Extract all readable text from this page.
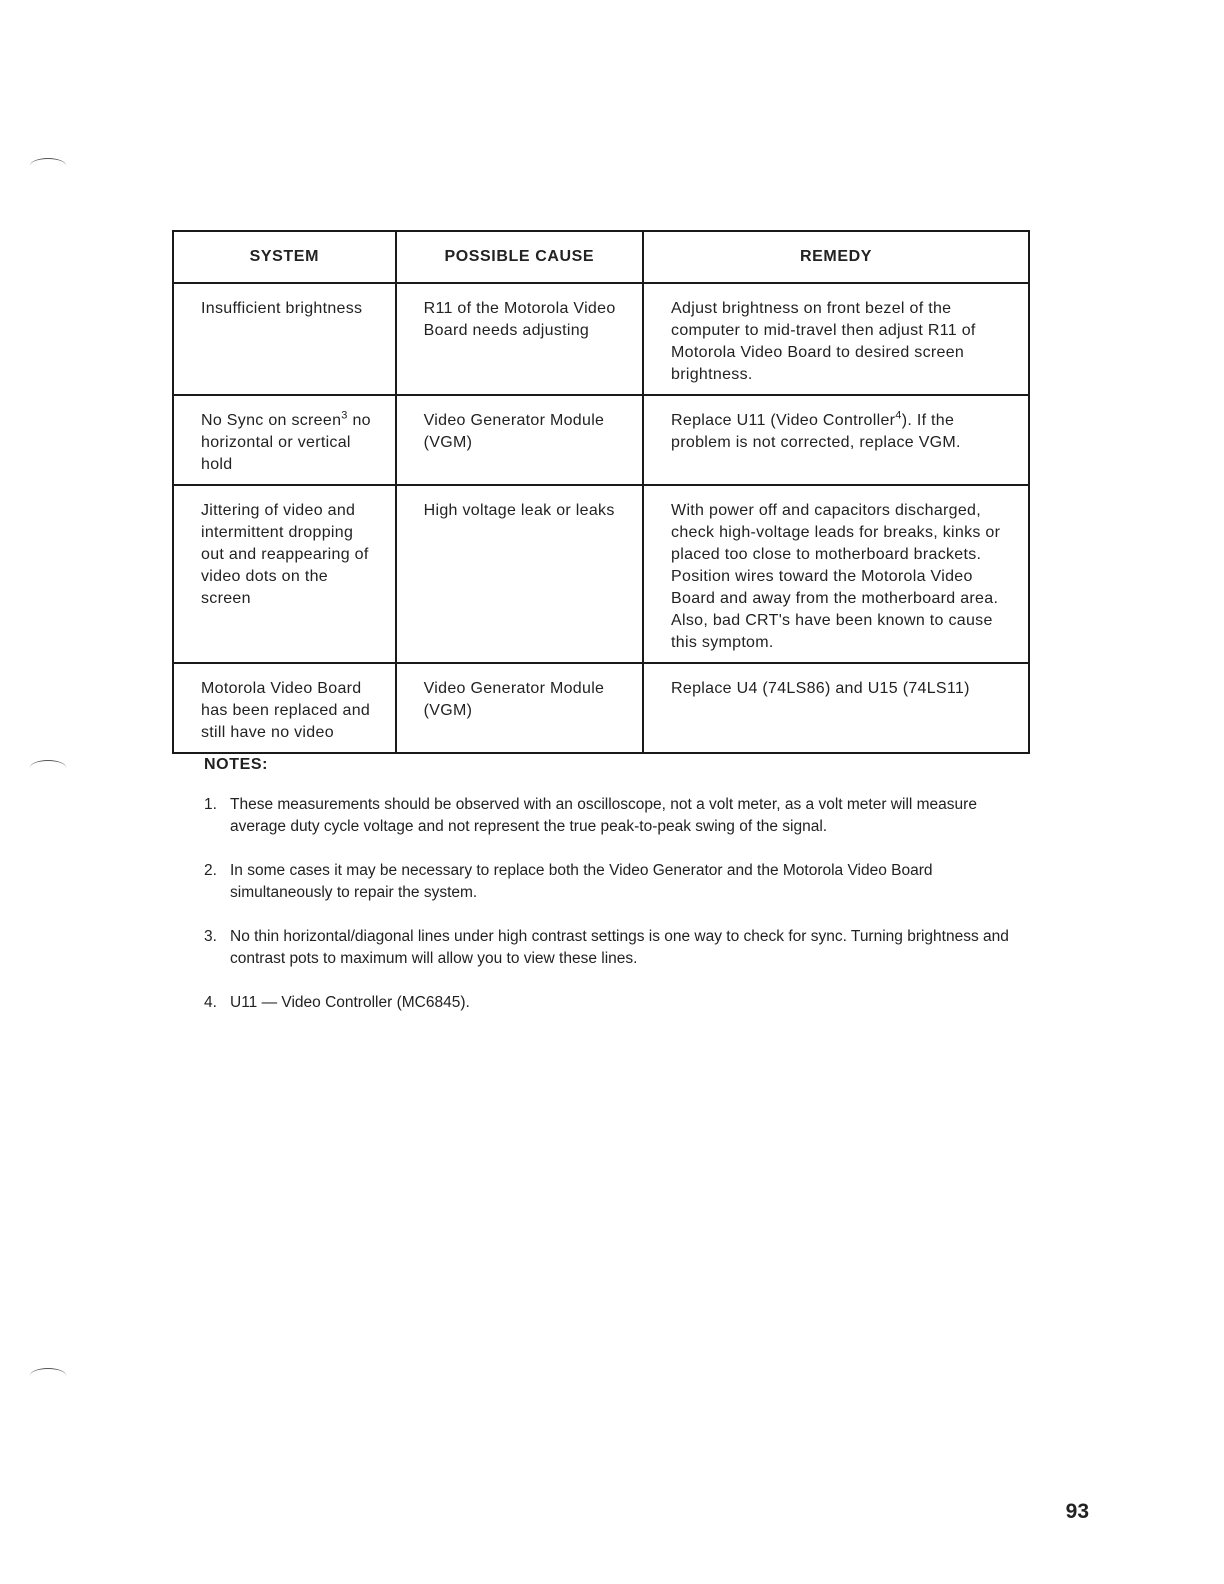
SYSTEM	POSSIBLE CAUSE	REMEDY
Insufficient brightness	R11 of the Motorola Video Board needs adjusting	Adjust brightness on front bezel of the computer to mid-travel then adjust R11 of Motorola Video Board to desired screen brightness.
No Sync on screen$^3$ no horizontal or vertical hold	Video Generator Module (VGM)	Replace U11 (Video Controller$^4$). If the problem is not corrected, replace VGM.
Jittering of video and intermittent dropping out and reappearing of video dots on the screen	High voltage leak or leaks	With power off and capacitors discharged, check high-voltage leads for breaks, kinks or placed too close to motherboard brackets. Position wires toward the Motorola Video Board and away from the motherboard area. Also, bad CRT's have been known to cause this symptom.
Motorola Video Board has been replaced and still have no video	Video Generator Module (VGM)	Replace U4 (74LS86) and U15 (74LS11)
NOTES:
1. These measurements should be observed with an oscilloscope, not a volt meter, as a volt meter will measure average duty cycle voltage and not represent the true peak-to-peak swing of the signal.
2. In some cases it may be necessary to replace both the Video Generator and the Motorola Video Board simultaneously to repair the system.
3. No thin horizontal/diagonal lines under high contrast settings is one way to check for sync. Turning brightness and contrast pots to maximum will allow you to view these lines.
4. U11 — Video Controller (MC6845).
93
